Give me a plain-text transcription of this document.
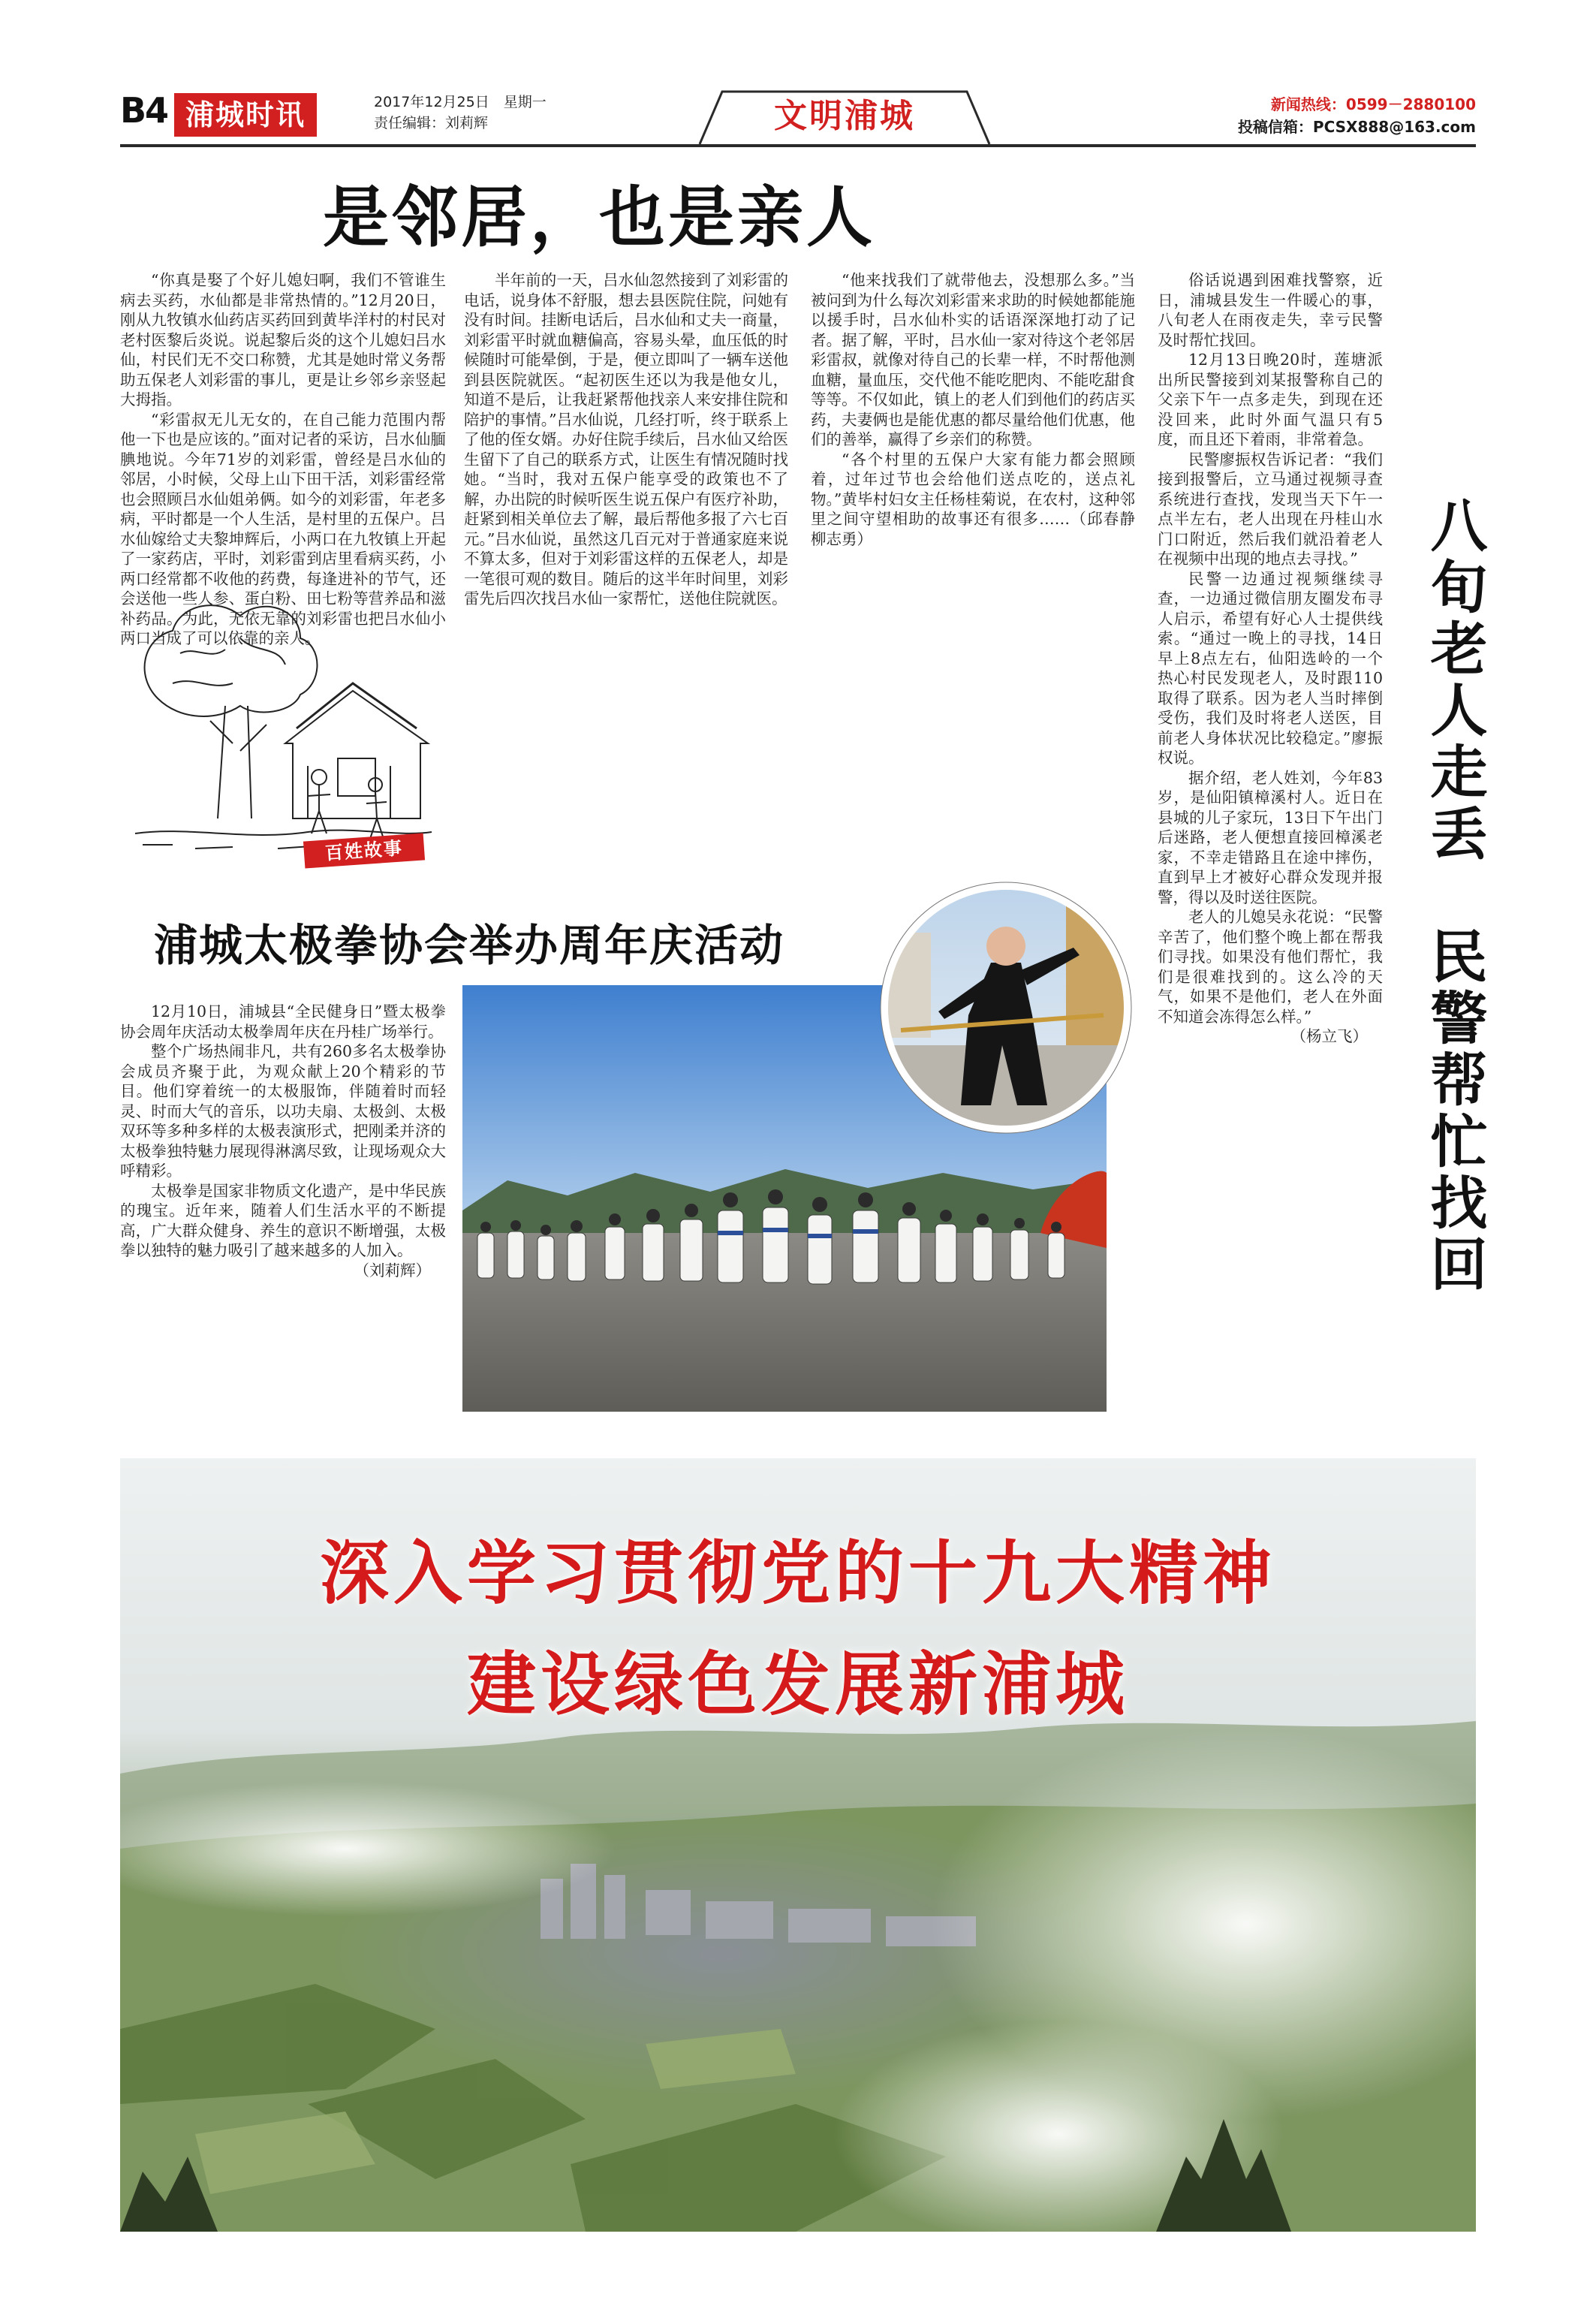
B4 浦城时讯	2017年12月25日　星期一
责任编辑：刘莉辉	文明浦城	新闻热线：0599－2880100
投稿信箱：PCSX888@163.com
是邻居，也是亲人

“你真是娶了个好儿媳妇啊，我们不管谁生病去买药，水仙都是非常热情的。”12月20日，刚从九牧镇水仙药店买药回到黄毕洋村的村民对老村医黎后炎说。说起黎后炎的这个儿媳妇吕水仙，村民们无不交口称赞，尤其是她时常义务帮助五保老人刘彩雷的事儿，更是让乡邻乡亲竖起大拇指。

“彩雷叔无儿无女的，在自己能力范围内帮他一下也是应该的。”面对记者的采访，吕水仙腼腆地说。今年71岁的刘彩雷，曾经是吕水仙的邻居，小时候，父母上山下田干活，刘彩雷经常也会照顾吕水仙姐弟俩。如今的刘彩雷，年老多病，平时都是一个人生活，是村里的五保户。吕水仙嫁给丈夫黎坤辉后，小两口在九牧镇上开起了一家药店，平时，刘彩雷到店里看病买药，小两口经常都不收他的药费，每逢进补的节气，还会送他一些人参、蛋白粉、田七粉等营养品和滋补药品。为此，无依无靠的刘彩雷也把吕水仙小两口当成了可以依靠的亲人。

百姓故事

半年前的一天，吕水仙忽然接到了刘彩雷的电话，说身体不舒服，想去县医院住院，问她有没有时间。挂断电话后，吕水仙和丈夫一商量，刘彩雷平时就血糖偏高，容易头晕，血压低的时候随时可能晕倒，于是，便立即叫了一辆车送他到县医院就医。“起初医生还以为我是他女儿，知道不是后，让我赶紧帮他找亲人来安排住院和陪护的事情。”吕水仙说，几经打听，终于联系上了他的侄女婿。办好住院手续后，吕水仙又给医生留下了自己的联系方式，让医生有情况随时找她。“当时，我对五保户能享受的政策也不了解，办出院的时候听医生说五保户有医疗补助，赶紧到相关单位去了解，最后帮他多报了六七百元。”吕水仙说，虽然这几百元对于普通家庭来说不算太多，但对于刘彩雷这样的五保老人，却是一笔很可观的数目。随后的这半年时间里，刘彩雷先后四次找吕水仙一家帮忙，送他住院就医。

“他来找我们了就带他去，没想那么多。”当被问到为什么每次刘彩雷来求助的时候她都能施以援手时，吕水仙朴实的话语深深地打动了记者。据了解，平时，吕水仙一家对待这个老邻居彩雷叔，就像对待自己的长辈一样，不时帮他测血糖，量血压，交代他不能吃肥肉、不能吃甜食等等。不仅如此，镇上的老人们到他们的药店买药，夫妻俩也是能优惠的都尽量给他们优惠，他们的善举，赢得了乡亲们的称赞。

“各个村里的五保户大家有能力都会照顾着，过年过节也会给他们送点吃的，送点礼物。”黄毕村妇女主任杨桂菊说，在农村，这种邻里之间守望相助的故事还有很多……（邱春静 柳志勇）

俗话说遇到困难找警察，近日，浦城县发生一件暖心的事，八旬老人在雨夜走失，幸亏民警及时帮忙找回。

12月13日晚20时，莲塘派出所民警接到刘某报警称自己的父亲下午一点多走失，到现在还没回来，此时外面气温只有5度，而且还下着雨，非常着急。

民警廖振权告诉记者：“我们接到报警后，立马通过视频寻查系统进行查找，发现当天下午一点半左右，老人出现在丹桂山水门口附近，然后我们就沿着老人在视频中出现的地点去寻找。”

民警一边通过视频继续寻查，一边通过微信朋友圈发布寻人启示，希望有好心人士提供线索。“通过一晚上的寻找，14日早上8点左右，仙阳选岭的一个热心村民发现老人，及时跟110取得了联系。因为老人当时摔倒受伤，我们及时将老人送医，目前老人身体状况比较稳定。”廖振权说。

据介绍，老人姓刘，今年83岁，是仙阳镇樟溪村人。近日在县城的儿子家玩，13日下午出门后迷路，老人便想直接回樟溪老家，不幸走错路且在途中摔伤，直到早上才被好心群众发现并报警，得以及时送往医院。

老人的儿媳吴永花说：“民警辛苦了，他们整个晚上都在帮我们寻找。如果没有他们帮忙，我们是很难找到的。这么冷的天气，如果不是他们，老人在外面不知道会冻得怎么样。”

（杨立飞） 八旬老人走丢　民警帮忙找回
浦城太极拳协会举办周年庆活动

12月10日，浦城县“全民健身日”暨太极拳协会周年庆活动太极拳周年庆在丹桂广场举行。

整个广场热闹非凡，共有260多名太极拳协会成员齐聚于此，为观众献上20个精彩的节目。他们穿着统一的太极服饰，伴随着时而轻灵、时而大气的音乐，以功夫扇、太极剑、太极双环等多种多样的太极表演形式，把刚柔并济的太极拳独特魅力展现得淋漓尽致，让现场观众大呼精彩。

太极拳是国家非物质文化遗产，是中华民族的瑰宝。近年来，随着人们生活水平的不断提高，广大群众健身、养生的意识不断增强，太极拳以独特的魅力吸引了越来越多的人加入。

（刘莉辉）

深入学习贯彻党的十九大精神
建设绿色发展新浦城
